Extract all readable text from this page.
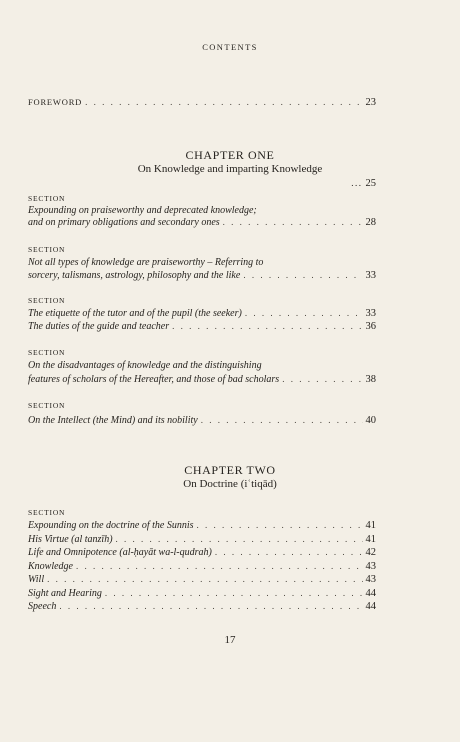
CONTENTS
FOREWORD . . .	23
CHAPTER ONE
On Knowledge and imparting Knowledge
... 25
SECTION
Expounding on praiseworthy and deprecated knowledge;
and on primary obligations and secondary ones . . .	28
SECTION
Not all types of knowledge are praiseworthy – Referring to
sorcery, talismans, astrology, philosophy and the like . . .	33
SECTION
The etiquette of the tutor and of the pupil (the seeker) . . .	33
The duties of the guide and teacher . . .	36
SECTION
On the disadvantages of knowledge and the distinguishing
features of scholars of the Hereafter, and those of bad scholars . . .	38
SECTION
On the Intellect (the Mind) and its nobility . . .	40
CHAPTER TWO
On Doctrine (iʿtiqād)
SECTION
Expounding on the doctrine of the Sunnis . . .	41
His Virtue (al tanzīh) . . .	41
Life and Omnipotence (al-ḥayāt wa-l-qudrah) . . .	42
Knowledge . . .	43
Will . . .	43
Sight and Hearing . . .	44
Speech . . .	44
17
